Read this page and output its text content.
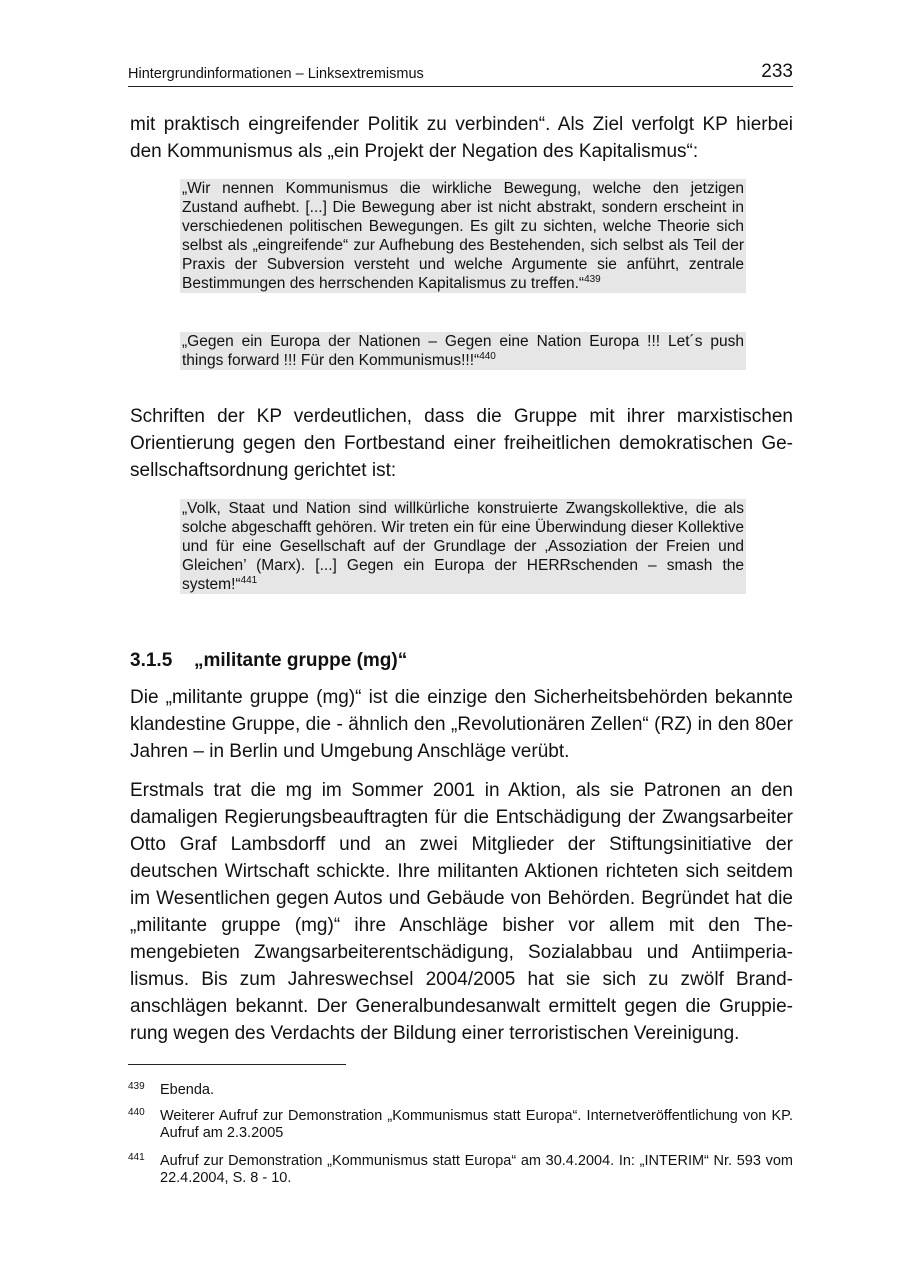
Hintergrundinformationen – Linksextremismus	233

mit praktisch eingreifender Politik zu verbinden“. Als Ziel verfolgt KP hierbei den Kommunismus als „ein Projekt der Negation des Kapitalismus“:

„Wir nennen Kommunismus die wirkliche Bewegung, welche den jetzigen Zustand aufhebt. [...] Die Bewegung aber ist nicht abstrakt, sondern erscheint in verschiedenen politischen Bewegungen. Es gilt zu sichten, welche Theorie sich selbst als „eingreifende“ zur Aufhebung des Bestehenden, sich selbst als Teil der Praxis der Subversion versteht und welche Argumente sie anführt, zentrale Bestimmungen des herrschenden Kapitalismus zu treffen.“$^{439}$

„Gegen ein Europa der Nationen – Gegen eine Nation Europa !!! Let´s push things forward !!! Für den Kommunismus!!!“$^{440}$

Schriften der KP verdeutlichen, dass die Gruppe mit ihrer marxistischen Orientierung gegen den Fortbestand einer freiheitlichen demokratischen Gesellschaftsordnung gerichtet ist:

„Volk, Staat und Nation sind willkürliche konstruierte Zwangskollektive, die als solche abgeschafft gehören. Wir treten ein für eine Überwindung dieser Kollektive und für eine Gesellschaft auf der Grundlage der ‚Assoziation der Freien und Gleichen’ (Marx). [...] Gegen ein Europa der HERRschenden – smash the system!“$^{441}$

3.1.5 „militante gruppe (mg)“

Die „militante gruppe (mg)“ ist die einzige den Sicherheitsbehörden bekannte klandestine Gruppe, die - ähnlich den „Revolutionären Zellen“ (RZ) in den 80er Jahren – in Berlin und Umgebung Anschläge verübt.

Erstmals trat die mg im Sommer 2001 in Aktion, als sie Patronen an den damaligen Regierungsbeauftragten für die Entschädigung der Zwangsarbeiter Otto Graf Lambsdorff und an zwei Mitglieder der Stiftungsinitiative der deutschen Wirtschaft schickte. Ihre militanten Aktionen richteten sich seitdem im Wesentlichen gegen Autos und Gebäude von Behörden. Begründet hat die „militante gruppe (mg)“ ihre Anschläge bisher vor allem mit den Themengebieten Zwangsarbeiterentschädigung, Sozialabbau und Antiimperialismus. Bis zum Jahreswechsel 2004/2005 hat sie sich zu zwölf Brandanschlägen bekannt. Der Generalbundesanwalt ermittelt gegen die Gruppierung wegen des Verdachts der Bildung einer terroristischen Vereinigung.

439 Ebenda.
440 Weiterer Aufruf zur Demonstration „Kommunismus statt Europa“. Internetveröffentlichung von KP. Aufruf am 2.3.2005
441 Aufruf zur Demonstration „Kommunismus statt Europa“ am 30.4.2004. In: „INTERIM“ Nr. 593 vom 22.4.2004, S. 8 - 10.
